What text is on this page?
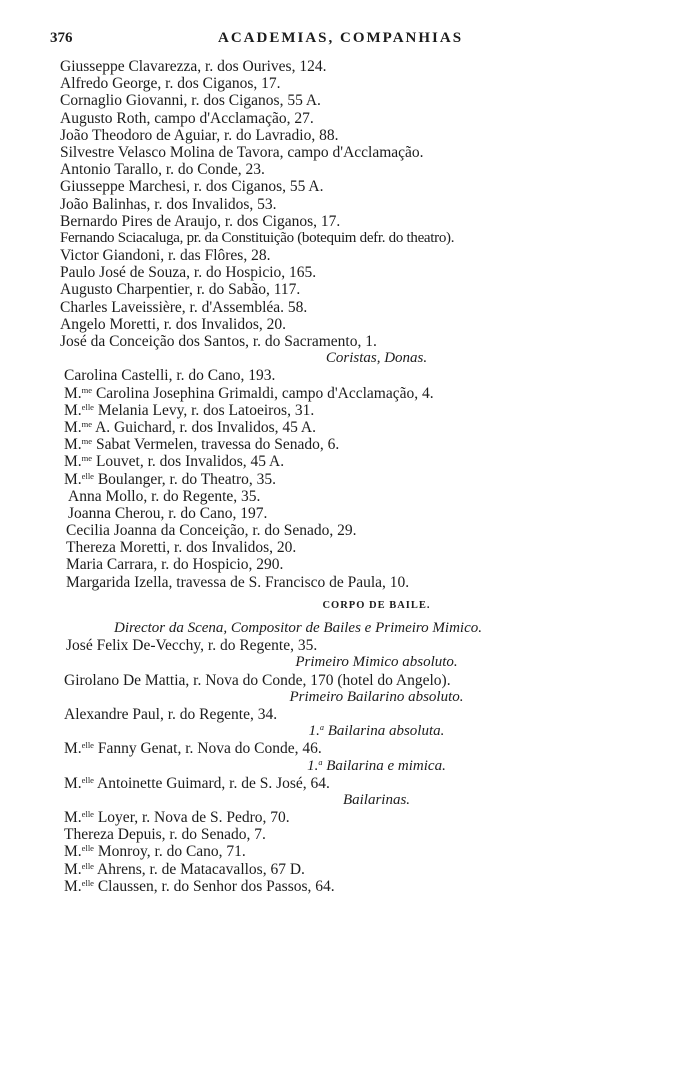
376	ACADEMIAS, COMPANHIAS
Giusseppe Clavarezza, r. dos Ourives, 124.
Alfredo George, r. dos Ciganos, 17.
Cornaglio Giovanni, r. dos Ciganos, 55 A.
Augusto Roth, campo d'Acclamação, 27.
João Theodoro de Aguiar, r. do Lavradio, 88.
Silvestre Velasco Molina de Tavora, campo d'Acclamação.
Antonio Tarallo, r. do Conde, 23.
Giusseppe Marchesi, r. dos Ciganos, 55 A.
João Balinhas, r. dos Invalidos, 53.
Bernardo Pires de Araujo, r. dos Ciganos, 17.
Fernando Sciacaluga, pr. da Constituição (botequim defr. do theatro).
Victor Giandoni, r. das Flôres, 28.
Paulo José de Souza, r. do Hospicio, 165.
Augusto Charpentier, r. do Sabão, 117.
Charles Laveissière, r. d'Assembléa. 58.
Angelo Moretti, r. dos Invalidos, 20.
José da Conceição dos Santos, r. do Sacramento, 1.
Coristas, Donas.
Carolina Castelli, r. do Cano, 193.
M.$^{me}$ Carolina Josephina Grimaldi, campo d'Acclamação, 4.
M.$^{elle}$ Melania Levy, r. dos Latoeiros, 31.
M.$^{me}$ A. Guichard, r. dos Invalidos, 45 A.
M.$^{me}$ Sabat Vermelen, travessa do Senado, 6.
M.$^{me}$ Louvet, r. dos Invalidos, 45 A.
M.$^{elle}$ Boulanger, r. do Theatro, 35.
Anna Mollo, r. do Regente, 35.
Joanna Cherou, r. do Cano, 197.
Cecilia Joanna da Conceição, r. do Senado, 29.
Thereza Moretti, r. dos Invalidos, 20.
Maria Carrara, r. do Hospicio, 290.
Margarida Izella, travessa de S. Francisco de Paula, 10.
CORPO DE BAILE.
Director da Scena, Compositor de Bailes e Primeiro Mimico.
José Felix De-Vecchy, r. do Regente, 35.
Primeiro Mimico absoluto.
Girolano De Mattia, r. Nova do Conde, 170 (hotel do Angelo).
Primeiro Bailarino absoluto.
Alexandre Paul, r. do Regente, 34.
1.$^a$ Bailarina absoluta.
M.$^{elle}$ Fanny Genat, r. Nova do Conde, 46.
1.$^a$ Bailarina e mimica.
M.$^{elle}$ Antoinette Guimard, r. de S. José, 64.
Bailarinas.
M.$^{elle}$ Loyer, r. Nova de S. Pedro, 70.
Thereza Depuis, r. do Senado, 7.
M.$^{elle}$ Monroy, r. do Cano, 71.
M.$^{elle}$ Ahrens, r. de Matacavallos, 67 D.
M.$^{elle}$ Claussen, r. do Senhor dos Passos, 64.
